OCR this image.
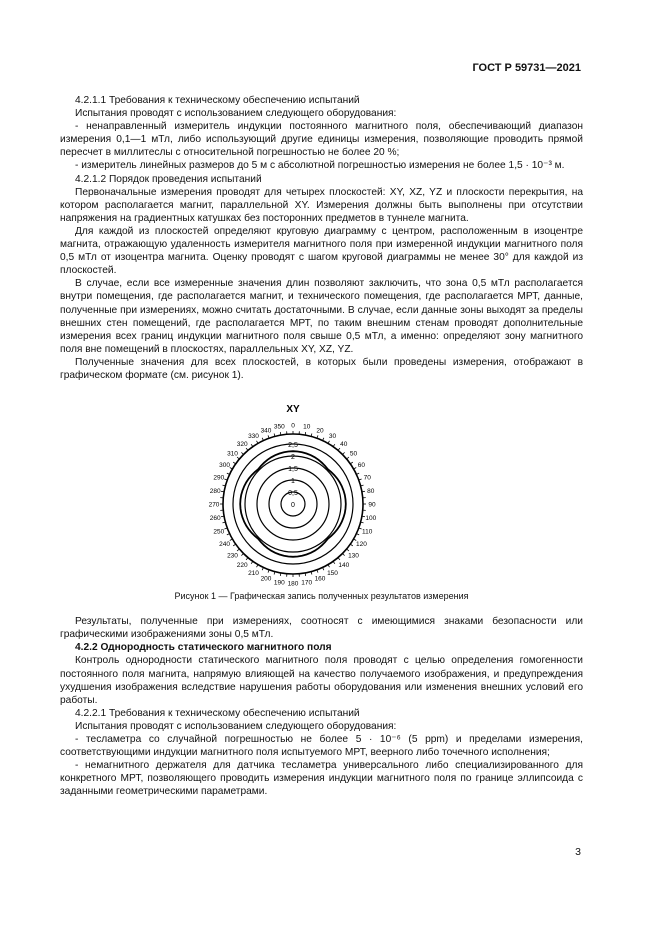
ГОСТ Р 59731—2021

4.2.1.1 Требования к техническому обеспечению испытаний

Испытания проводят с использованием следующего оборудования:

- ненаправленный измеритель индукции постоянного магнитного поля, обеспечивающий диапазон измерения 0,1—1 мТл, либо использующий другие единицы измерения, позволяющие проводить прямой пересчет в миллитеслы с относительной погрешностью не более 20 %;

- измеритель линейных размеров до 5 м с абсолютной погрешностью измерения не более 1,5 · 10⁻³ м.

4.2.1.2 Порядок проведения испытаний

Первоначальные измерения проводят для четырех плоскостей: XY, XZ, YZ и плоскости перекрытия, на котором располагается магнит, параллельной XY. Измерения должны быть выполнены при отсутствии напряжения на градиентных катушках без посторонних предметов в туннеле магнита.

Для каждой из плоскостей определяют круговую диаграмму с центром, расположенным в изоцентре магнита, отражающую удаленность измерителя магнитного поля при измеренной индукции магнитного поля 0,5 мТл от изоцентра магнита. Оценку проводят с шагом круговой диаграммы не менее 30° для каждой из плоскостей.

В случае, если все измеренные значения длин позволяют заключить, что зона 0,5 мТл располагается внутри помещения, где располагается магнит, и технического помещения, где располагается МРТ, данные, полученные при измерениях, можно считать достаточными. В случае, если данные зоны выходят за пределы внешних стен помещений, где располагается МРТ, по таким внешним стенам проводят дополнительные измерения всех границ индукции магнитного поля свыше 0,5 мТл, а именно: определяют зону магнитного поля вне помещений в плоскостях, параллельных XY, XZ, YZ.

Полученные значения для всех плоскостей, в которых были проведены измерения, отображают в графическом формате (см. рисунок 1).

XY
0
0,5
1
1,5
2
2,5
0 10
20
30
40
50
60
70
80
90
100
110
120
130
140
150
160
170
180
190
200
210
220
230
240
250
260
270
280
290
300
310
320
330
340
350

Рисунок 1 — Графическая запись полученных результатов измерения

Результаты, полученные при измерениях, соотносят с имеющимися знаками безопасности или графическими изображениями зоны 0,5 мТл.

4.2.2 Однородность статического магнитного поля

Контроль однородности статического магнитного поля проводят с целью определения гомогенности постоянного поля магнита, напрямую влияющей на качество получаемого изображения, и предупреждения ухудшения изображения вследствие нарушения работы оборудования или изменения внешних условий его работы.

4.2.2.1 Требования к техническому обеспечению испытаний

Испытания проводят с использованием следующего оборудования:

- тесламетра со случайной погрешностью не более 5 · 10⁻⁶ (5 ppm) и пределами измерения, соответствующими индукции магнитного поля испытуемого МРТ, веерного либо точечного исполнения;

- немагнитного держателя для датчика тесламетра универсального либо специализированного для конкретного МРТ, позволяющего проводить измерения индукции магнитного поля по границе эллипсоида с заданными геометрическими параметрами.

3
